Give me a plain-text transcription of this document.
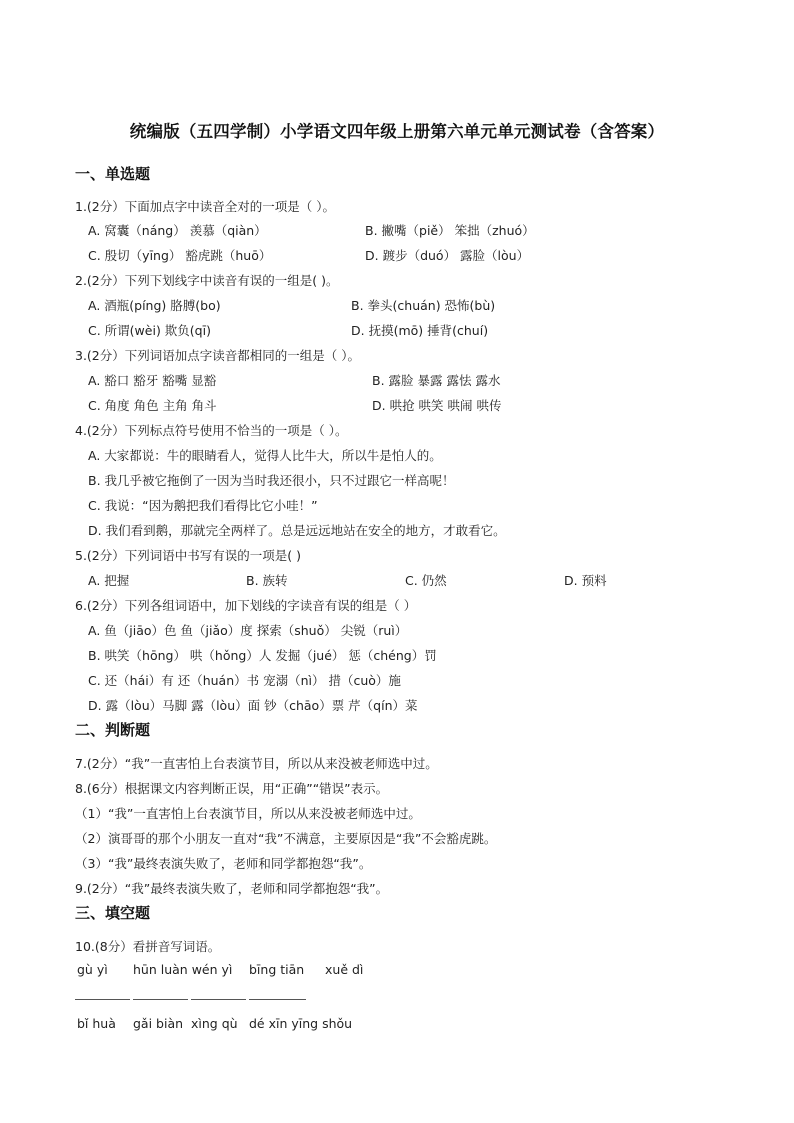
统编版（五四学制）小学语文四年级上册第六单元单元测试卷（含答案）
一、单选题
1.(2分）下面加点字中读音全对的一项是（ ）。
A. 窝囊（náng） 羡慕（qiàn）	B. 撇嘴（piě） 笨拙（zhuó）
C. 殷切（yīng） 豁虎跳（huō）	D. 踱步（duó） 露脸（lòu）
2.(2分）下列下划线字中读音有误的一组是( )。
A. 酒瓶(píng) 胳膊(bo)	B. 拳头(chuán) 恐怖(bù)
C. 所谓(wèi) 欺负(qī)	D. 抚摸(mō) 捶背(chuí)
3.(2分）下列词语加点字读音都相同的一组是（ ）。
A. 豁口 豁牙 豁嘴 显豁	B. 露脸 暴露 露怯 露水
C. 角度 角色 主角 角斗	D. 哄抢 哄笑 哄闹 哄传
4.(2分）下列标点符号使用不恰当的一项是（ ）。
A. 大家都说：牛的眼睛看人，觉得人比牛大，所以牛是怕人的。
B. 我几乎被它拖倒了一因为当时我还很小，只不过跟它一样高呢！
C. 我说：“因为鹅把我们看得比它小哇！”
D. 我们看到鹅，那就完全两样了。总是远远地站在安全的地方，才敢看它。
5.(2分）下列词语中书写有误的一项是( )
A. 把握	B. 族转	C. 仍然	D. 预料
6.(2分）下列各组词语中，加下划线的字读音有误的组是（ ）
A. 鱼（jiāo）色 鱼（jiǎo）度 探索（shuǒ） 尖锐（ruì）
B. 哄笑（hōng） 哄（hǒng）人 发掘（jué） 惩（chéng）罚
C. 还（hái）有 还（huán）书 宠溺（nì） 措（cuò）施
D. 露（lòu）马脚 露（lòu）面 钞（chāo）票 芹（qín）菜
二、判断题
7.(2分）“我”一直害怕上台表演节目，所以从来没被老师选中过。
8.(6分）根据课文内容判断正误，用“正确”“错误”表示。
（1）“我”一直害怕上台表演节目，所以从来没被老师选中过。
（2）演哥哥的那个小朋友一直对“我”不满意，主要原因是“我”不会豁虎跳。
（3）“我”最终表演失败了，老师和同学都抱怨“我”。
9.(2分）“我”最终表演失败了，老师和同学都抱怨“我”。
三、填空题
10.(8分）看拼音写词语。
gù yì hūn luàn wén yì bīng tiān xuě dì
bǐ huà gǎi biàn xìng qù dé xīn yīng shǒu
